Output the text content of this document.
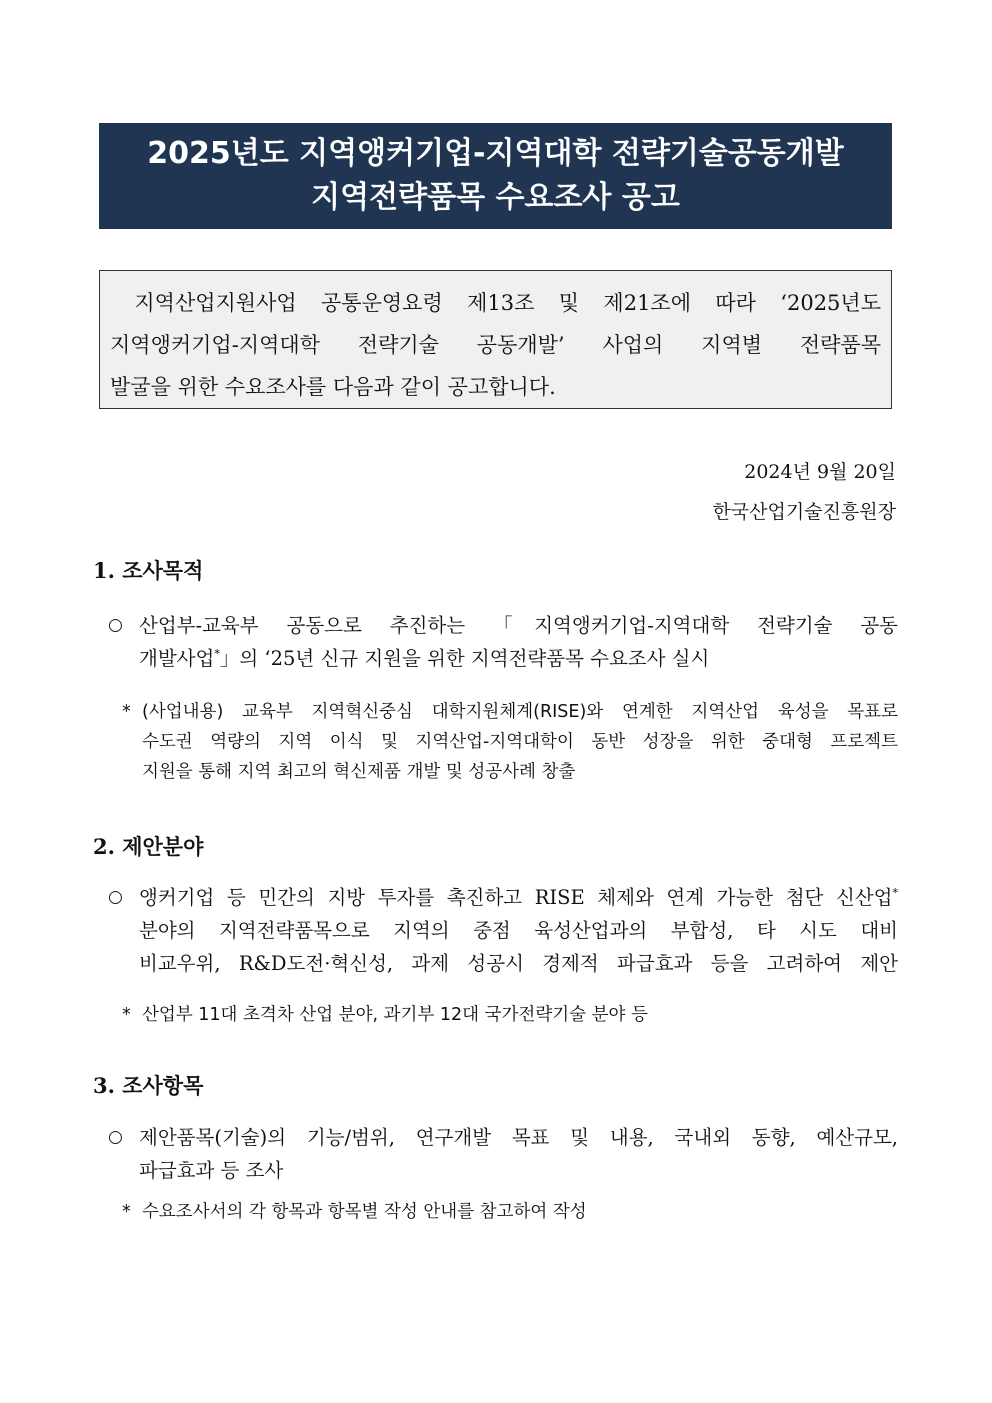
2025년도 지역앵커기업-지역대학 전략기술공동개발
지역전략품목 수요조사 공고
지역산업지원사업 공통운영요령 제13조 및 제21조에 따라 ‘2025년도
지역앵커기업-지역대학 전략기술 공동개발’ 사업의 지역별 전략품목
발굴을 위한 수요조사를 다음과 같이 공고합니다.
2024년 9월 20일
한국산업기술진흥원장
1. 조사목적
○ 산업부-교육부 공동으로 추진하는 「지역앵커기업-지역대학 전략기술 공동
개발사업*」의 ‘25년 신규 지원을 위한 지역전략품목 수요조사 실시
* (사업내용) 교육부 지역혁신중심 대학지원체계(RISE)와 연계한 지역산업 육성을 목표로
수도권 역량의 지역 이식 및 지역산업-지역대학이 동반 성장을 위한 중대형 프로젝트
지원을 통해 지역 최고의 혁신제품 개발 및 성공사례 창출
2. 제안분야
○ 앵커기업 등 민간의 지방 투자를 촉진하고 RISE 체제와 연계 가능한 첨단 신산업*
분야의 지역전략품목으로 지역의 중점 육성산업과의 부합성, 타 시도 대비
비교우위, R&D도전·혁신성, 과제 성공시 경제적 파급효과 등을 고려하여 제안
* 산업부 11대 초격차 산업 분야, 과기부 12대 국가전략기술 분야 등
3. 조사항목
○ 제안품목(기술)의 기능/범위, 연구개발 목표 및 내용, 국내외 동향, 예산규모,
파급효과 등 조사
* 수요조사서의 각 항목과 항목별 작성 안내를 참고하여 작성
